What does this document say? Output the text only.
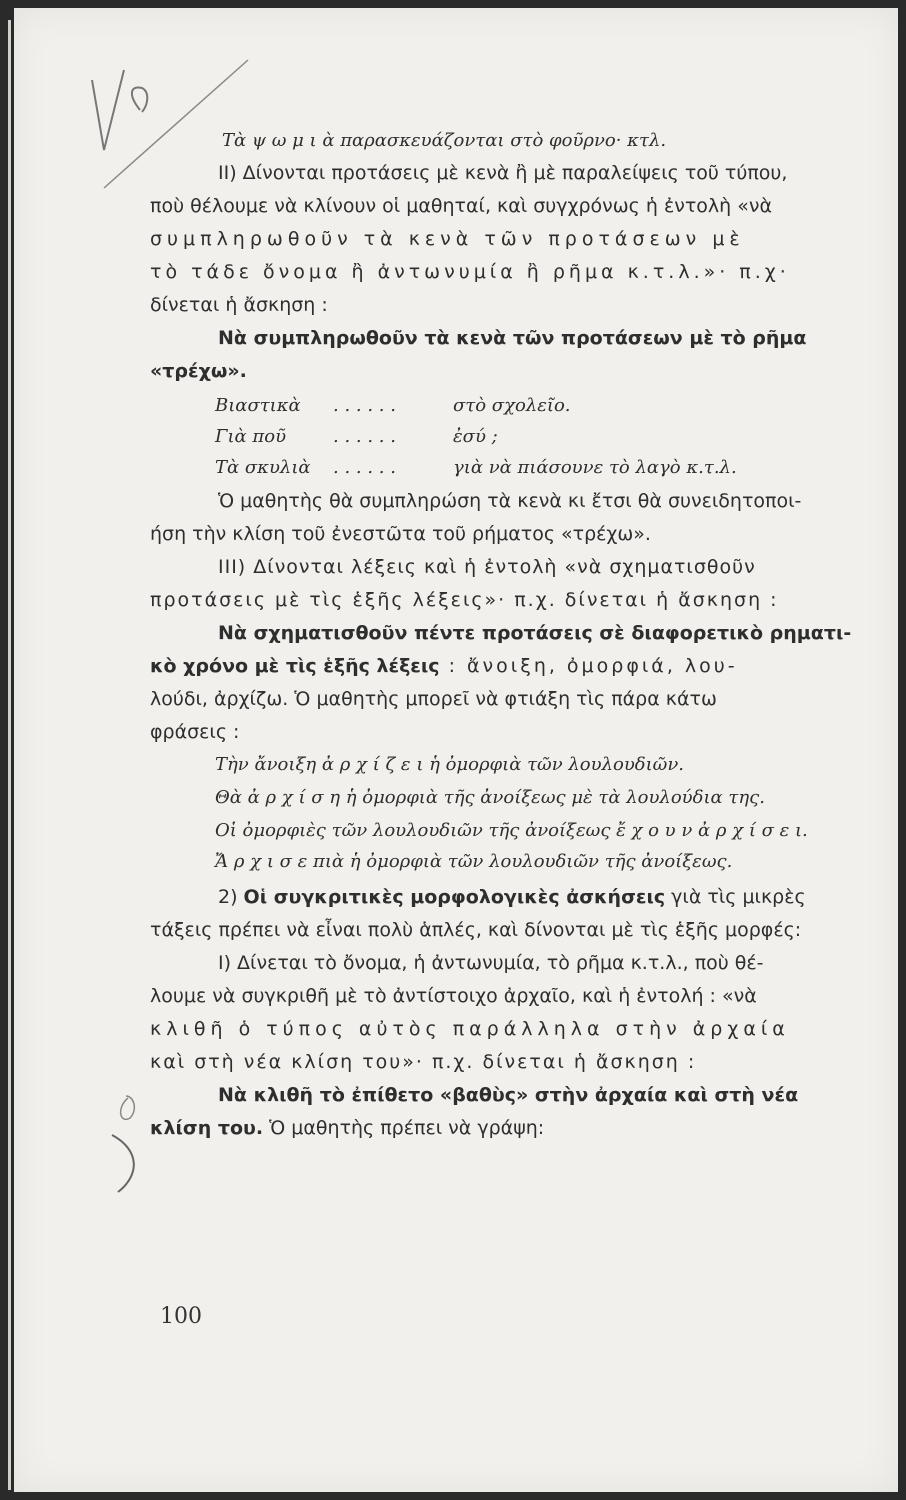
Τὰ ψ ω μ ι ὰ παρασκευάζονται στὸ φοῦρνο· κτλ.
II) Δίνονται προτάσεις μὲ κενὰ ἢ μὲ παραλείψεις τοῦ τύπου,
ποὺ θέλουμε νὰ κλίνουν οἱ μαθηταί, καὶ συγχρόνως ἡ ἐντολὴ «νὰ
συμπληρωθοῦν τὰ κενὰ τῶν προτάσεων μὲ
τὸ τάδε ὄνομα ἢ ἀντωνυμία ἢ ρῆμα κ.τ.λ.»· π.χ·
δίνεται ἡ ἄσκηση :
Νὰ συμπληρωθοῦν τὰ κενὰ τῶν προτάσεων μὲ τὸ ρῆμα
«τρέχω».
Βιαστικὰ . . . . . .	στὸ σχολεῖο.
Γιὰ ποῦ	. . . . . .	ἐσύ ;
Τὰ σκυλιὰ . . . . . .	γιὰ νὰ πιάσουνε τὸ λαγὸ κ.τ.λ.
Ὁ μαθητὴς θὰ συμπληρώση τὰ κενὰ κι ἔτσι θὰ συνειδητοποι-
ήση τὴν κλίση τοῦ ἐνεστῶτα τοῦ ρήματος «τρέχω».
III) Δίνονται λέξεις καὶ ἡ ἐντολὴ «νὰ σχηματισθοῦν
προτάσεις μὲ τὶς ἑξῆς λέξεις»· π.χ. δίνεται ἡ ἄσκηση :
Νὰ σχηματισθοῦν πέντε προτάσεις σὲ διαφορετικὸ ρηματι-
κὸ χρόνο μὲ τὶς ἑξῆς λέξεις : ἄνοιξη, ὀμορφιά, λου-
λούδι, ἀρχίζω. Ὁ μαθητὴς μπορεῖ νὰ φτιάξη τὶς πάρα κάτω
φράσεις :
Τὴν ἄνοιξη ἀ ρ χ ί ζ ε ι ἡ ὀμορφιὰ τῶν λουλουδιῶν.
Θὰ ἀ ρ χ ί σ η ἡ ὀμορφιὰ τῆς ἀνοίξεως μὲ τὰ λουλούδια της.
Οἱ ὀμορφιὲς τῶν λουλουδιῶν τῆς ἀνοίξεως ἔ χ ο υ ν ἀ ρ χ ί σ ε ι.
Ἄ ρ χ ι σ ε πιὰ ἡ ὀμορφιὰ τῶν λουλουδιῶν τῆς ἀνοίξεως.
2) Οἱ συγκριτικὲς μορφολογικὲς ἀσκήσεις γιὰ τὶς μικρὲς
τάξεις πρέπει νὰ εἶναι πολὺ ἁπλές, καὶ δίνονται μὲ τὶς ἑξῆς μορφές:
I) Δίνεται τὸ ὄνομα, ἡ ἀντωνυμία, τὸ ρῆμα κ.τ.λ., ποὺ θέ-
λουμε νὰ συγκριθῆ μὲ τὸ ἀντίστοιχο ἀρχαῖο, καὶ ἡ ἐντολή : «νὰ
κλιθῆ ὁ τύπος αὐτὸς παράλληλα στὴν ἀρχαία
καὶ στὴ νέα κλίση του»· π.χ. δίνεται ἡ ἄσκηση :
Νὰ κλιθῆ τὸ ἐπίθετο «βαθὺς» στὴν ἀρχαία καὶ στὴ νέα
κλίση του. Ὁ μαθητὴς πρέπει νὰ γράψη:
100
